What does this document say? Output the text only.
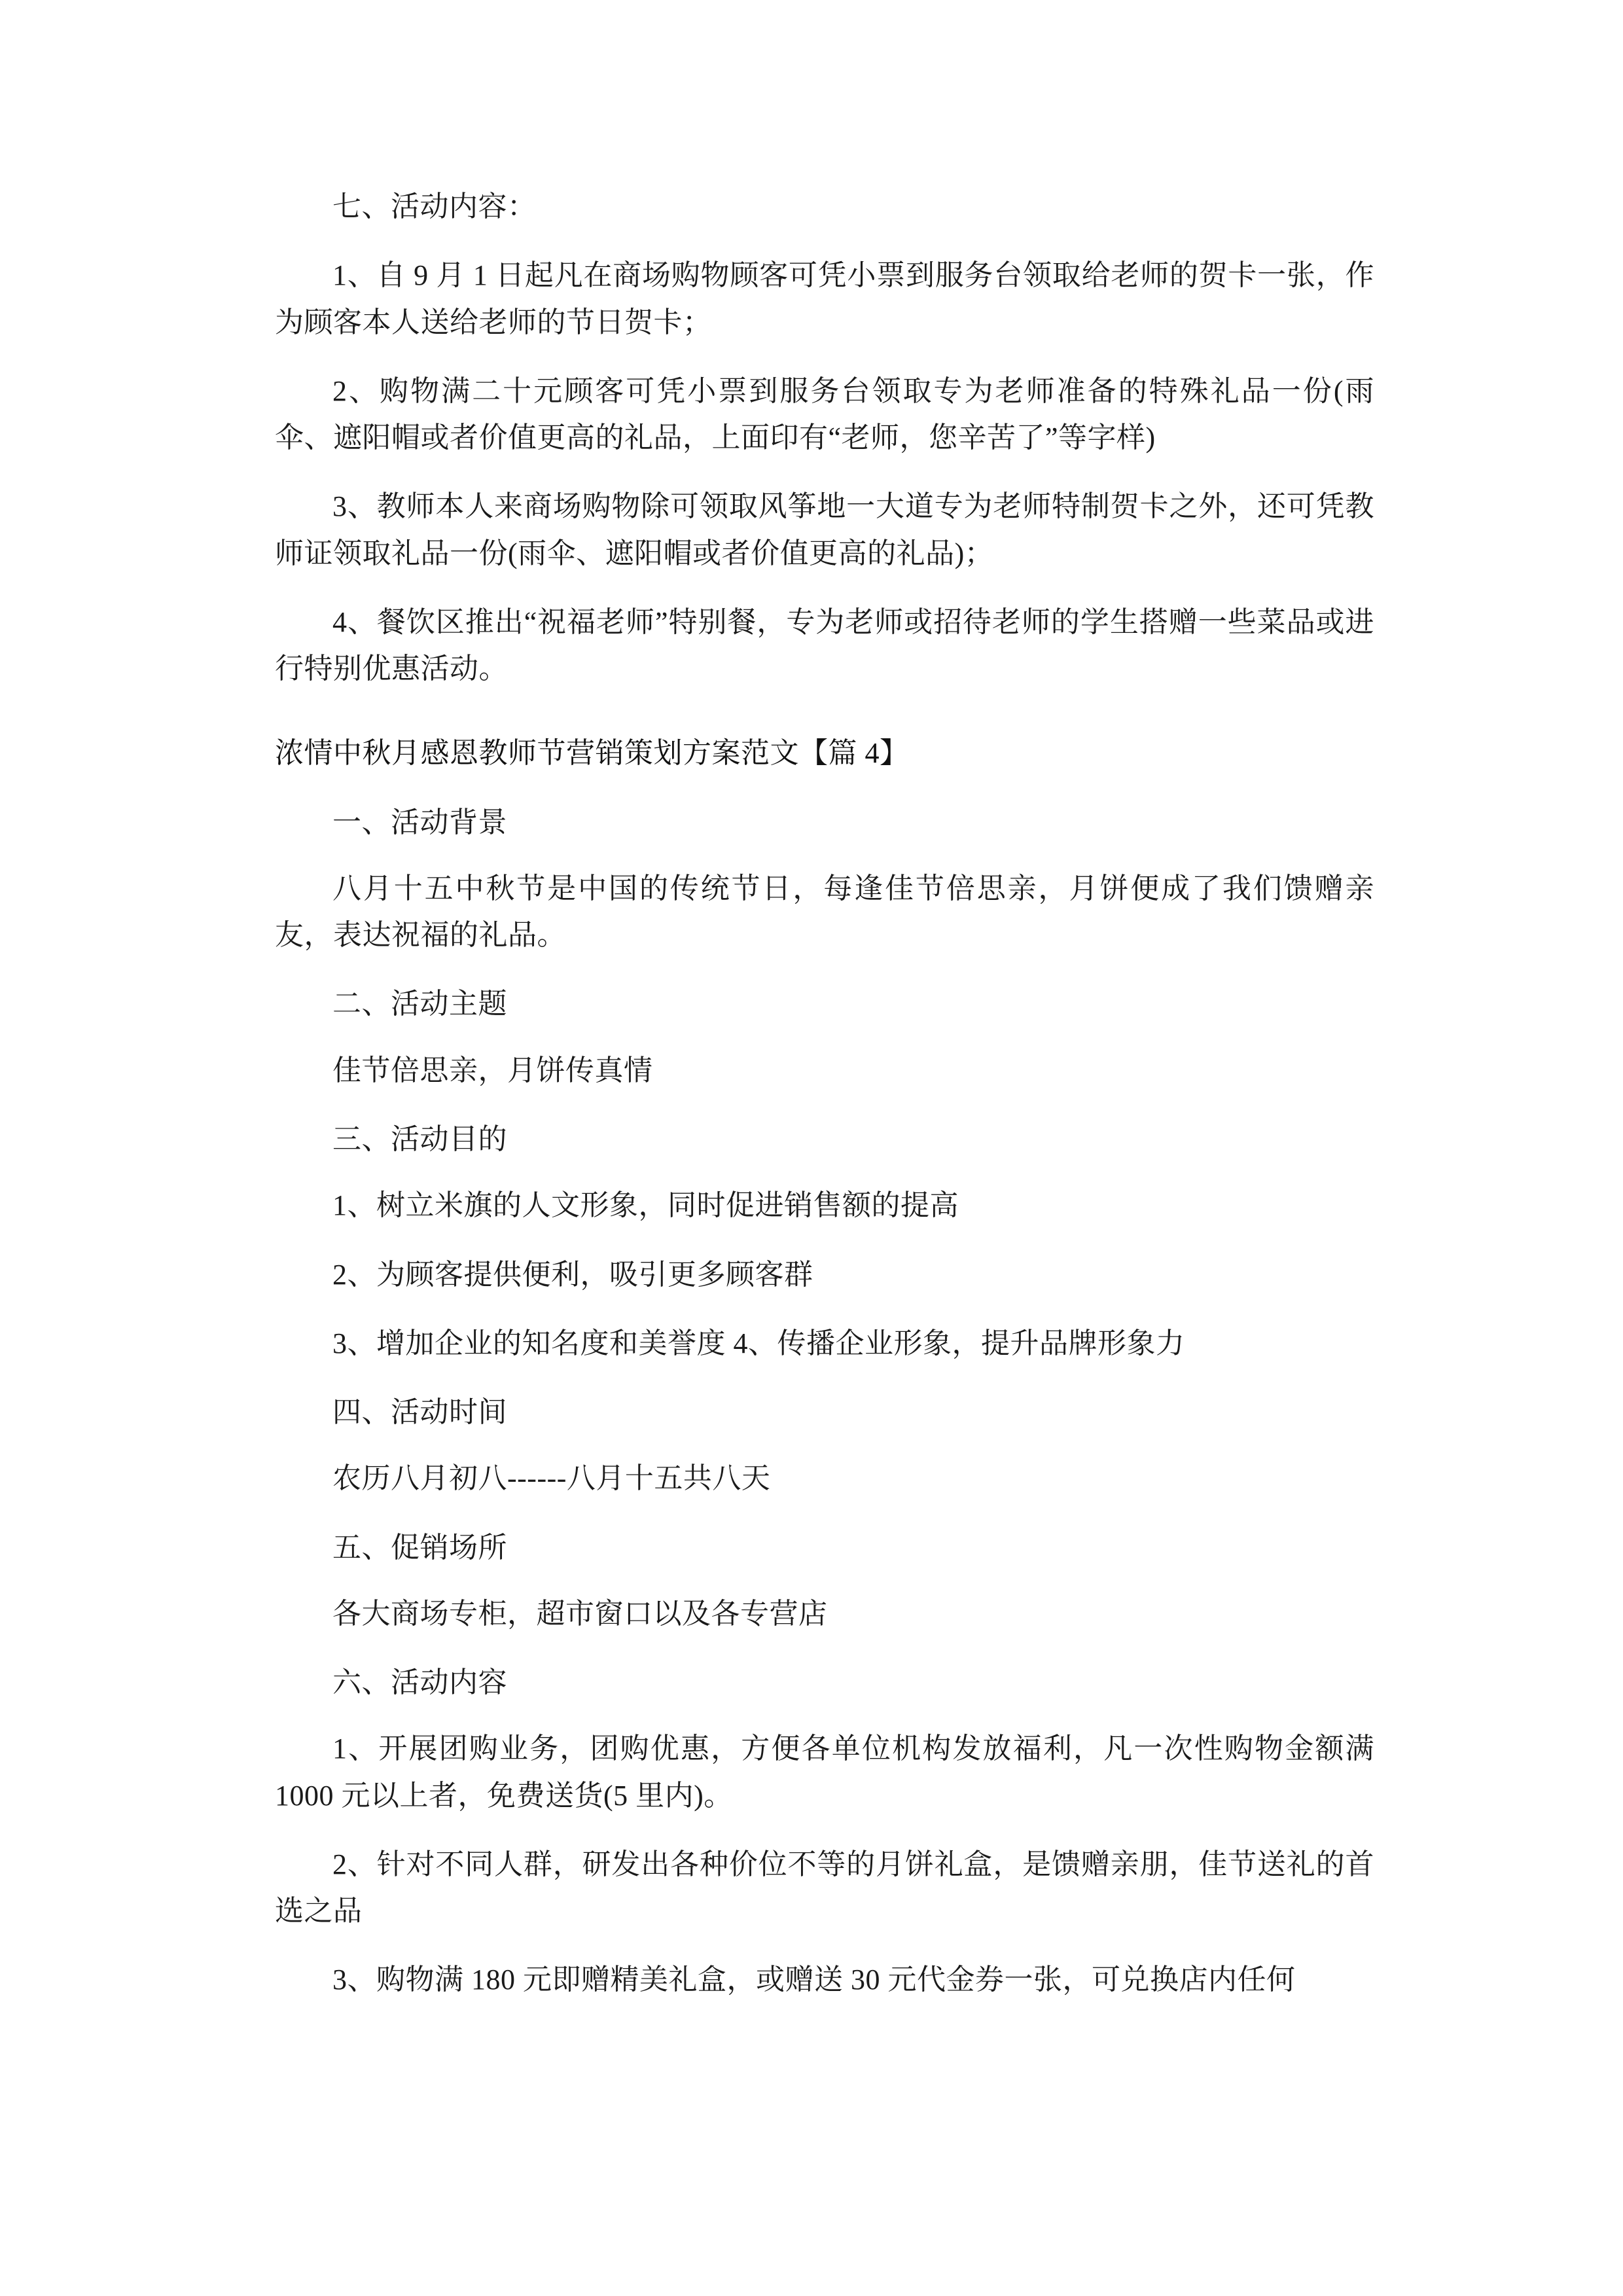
七、活动内容：

1、自 9 月 1 日起凡在商场购物顾客可凭小票到服务台领取给老师的贺卡一张，作为顾客本人送给老师的节日贺卡；

2、购物满二十元顾客可凭小票到服务台领取专为老师准备的特殊礼品一份(雨伞、遮阳帽或者价值更高的礼品，上面印有“老师，您辛苦了”等字样)

3、教师本人来商场购物除可领取风筝地一大道专为老师特制贺卡之外，还可凭教师证领取礼品一份(雨伞、遮阳帽或者价值更高的礼品)；

4、餐饮区推出“祝福老师”特别餐，专为老师或招待老师的学生搭赠一些菜品或进行特别优惠活动。

浓情中秋月感恩教师节营销策划方案范文【篇 4】

一、活动背景

八月十五中秋节是中国的传统节日，每逢佳节倍思亲，月饼便成了我们馈赠亲友，表达祝福的礼品。

二、活动主题

佳节倍思亲，月饼传真情

三、活动目的

1、树立米旗的人文形象，同时促进销售额的提高

2、为顾客提供便利，吸引更多顾客群

3、增加企业的知名度和美誉度 4、传播企业形象，提升品牌形象力

四、活动时间

农历八月初八------八月十五共八天

五、促销场所

各大商场专柜，超市窗口以及各专营店

六、活动内容

1、开展团购业务，团购优惠，方便各单位机构发放福利，凡一次性购物金额满 1000 元以上者，免费送货(5 里内)。

2、针对不同人群，研发出各种价位不等的月饼礼盒，是馈赠亲朋，佳节送礼的首选之品

3、购物满 180 元即赠精美礼盒，或赠送 30 元代金券一张，可兑换店内任何
